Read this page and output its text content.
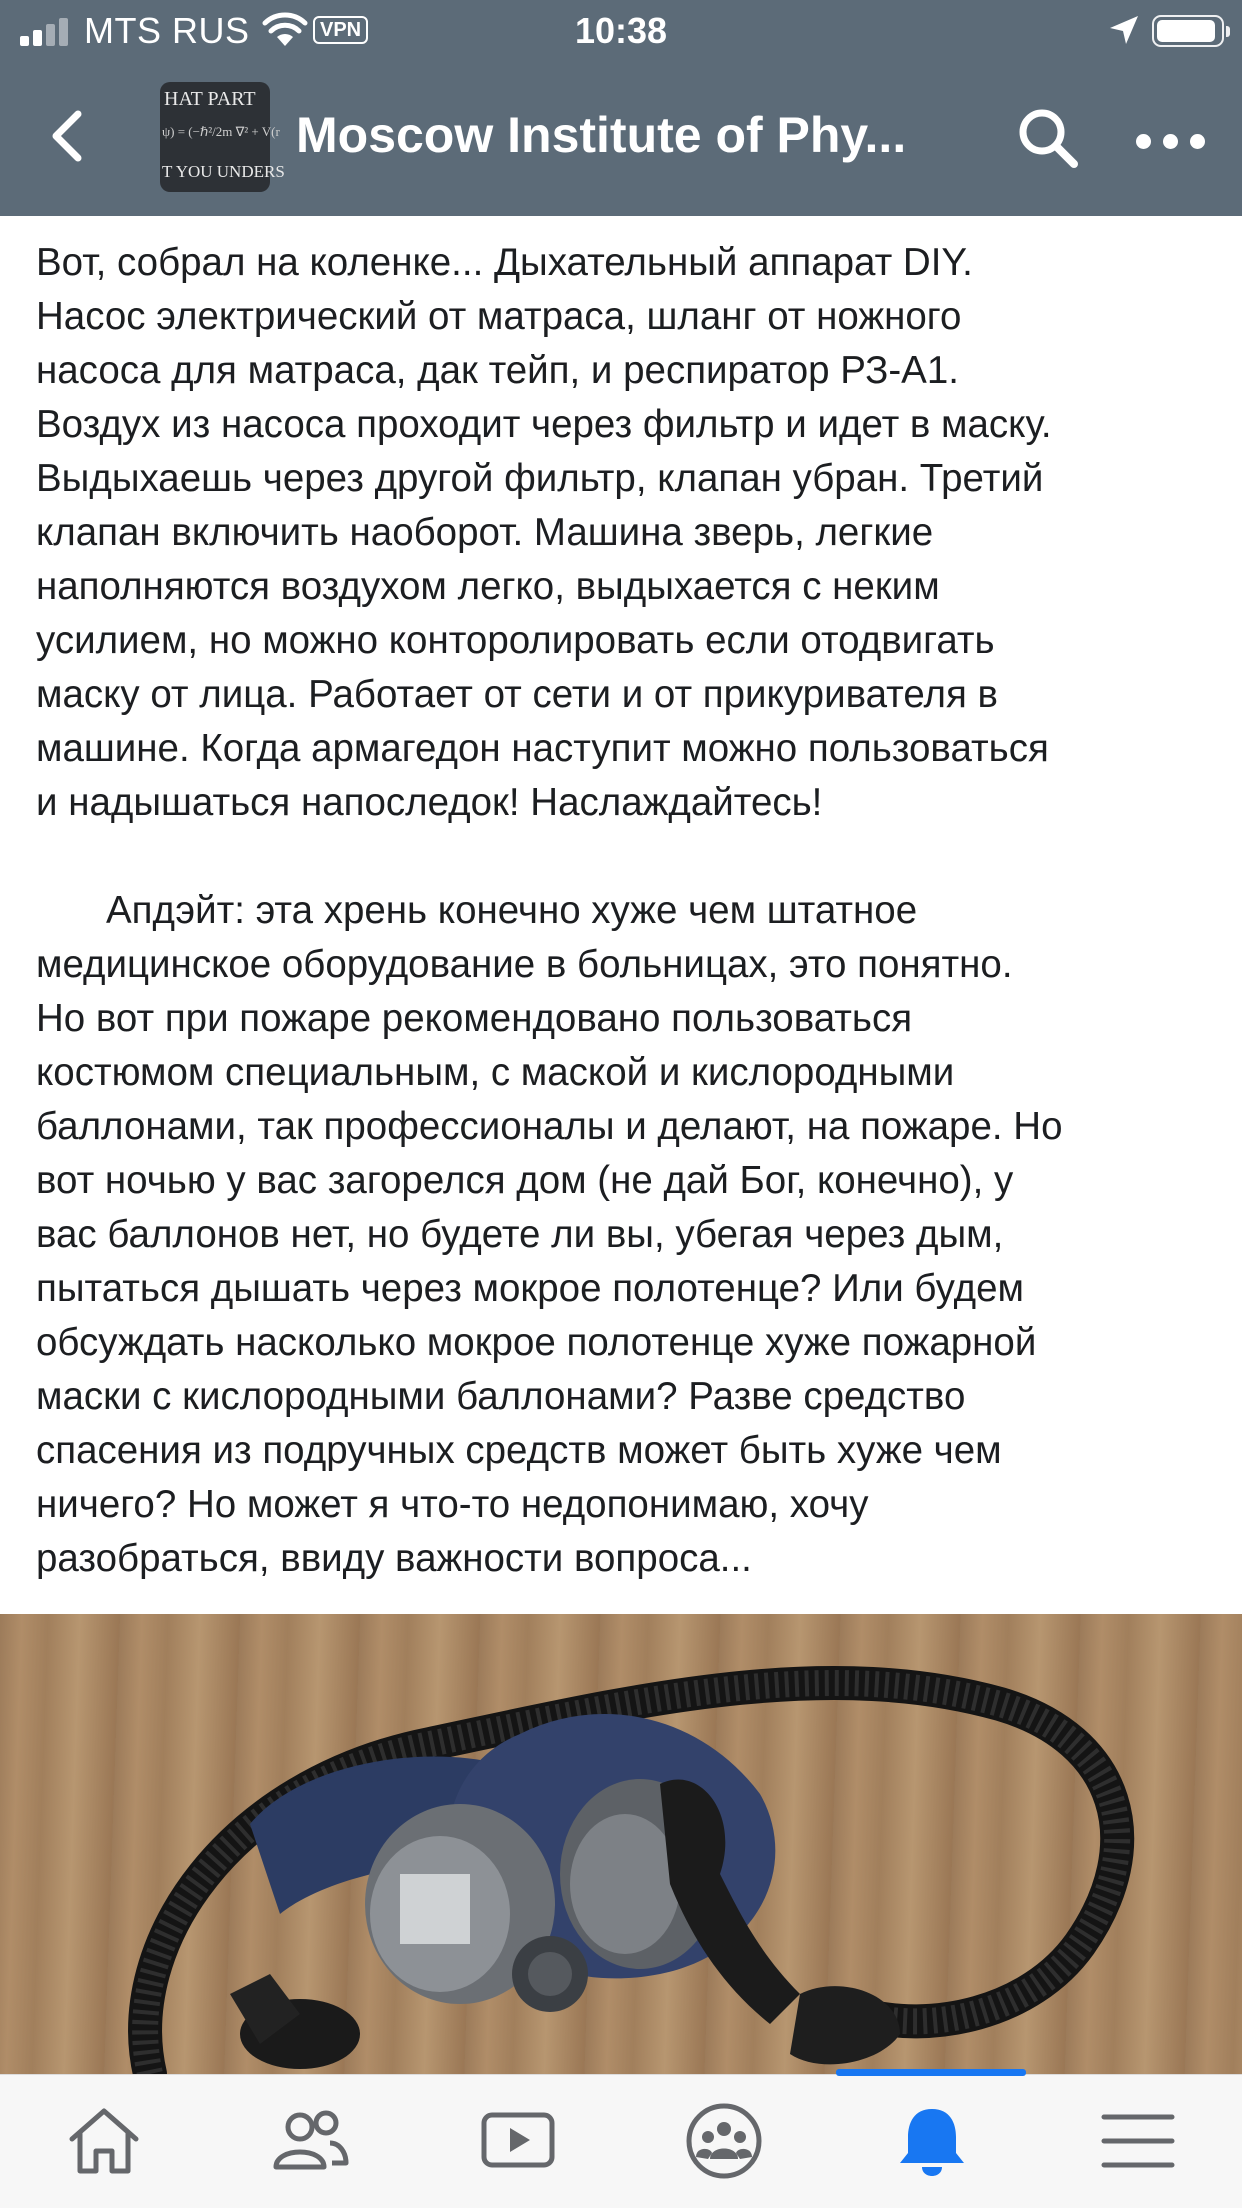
MTS RUS	VPN	10:38
HAT PART
ψ) = (−ℏ²/2m ∇² + V(r
T YOU UNDERS
Moscow Institute of Phy...

Вот, собрал на коленке... Дыхательный аппарат DIY.

Насос электрический от матраса, шланг от ножного

насоса для матраса, дак тейп, и респиратор РЗ-А1.

Воздух из насоса проходит через фильтр и идет в маску.

Выдыхаешь через другой фильтр, клапан убран. Третий

клапан включить наоборот. Машина зверь, легкие

наполняются воздухом легко, выдыхается с неким

усилием, но можно конторолировать если отодвигать

маску от лица. Работает от сети и от прикуривателя в

машине. Когда армагедон наступит можно пользоваться

и надышаться напоследок! Наслаждайтесь!

Апдэйт: эта хрень конечно хуже чем штатное

медицинское оборудование в больницах, это понятно.

Но вот при пожаре рекомендовано пользоваться

костюмом специальным, с маской и кислородными

баллонами, так профессионалы и делают, на пожаре. Но

вот ночью у вас загорелся дом (не дай Бог, конечно), у

вас баллонов нет, но будете ли вы, убегая через дым,

пытаться дышать через мокрое полотенце? Или будем

обсуждать насколько мокрое полотенце хуже пожарной

маски с кислородными баллонами? Разве средство

спасения из подручных средств может быть хуже чем

ничего? Но может я что-то недопонимаю, хочу

разобраться, ввиду важности вопроса...
